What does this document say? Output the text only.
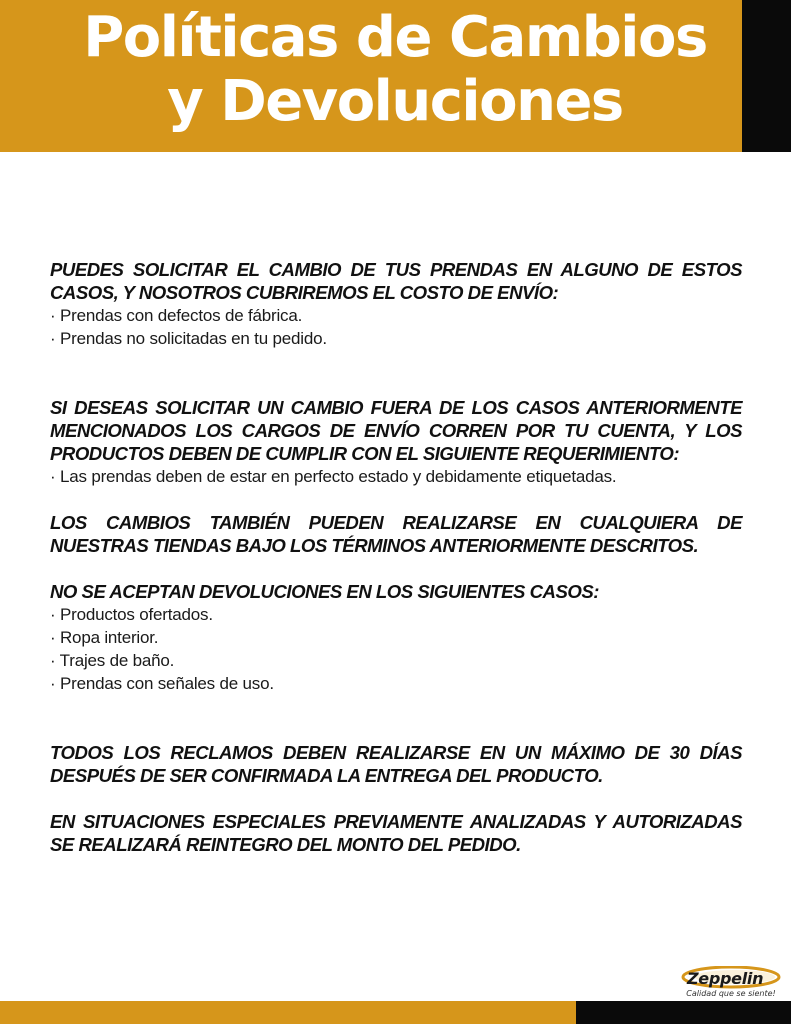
Políticas de Cambios
y Devoluciones

PUEDES SOLICITAR EL CAMBIO DE TUS PRENDAS EN ALGUNO DE ESTOS CASOS, Y NOSOTROS CUBRIREMOS EL COSTO DE ENVÍO:

· Prendas con defectos de fábrica.

· Prendas no solicitadas en tu pedido.

SI DESEAS SOLICITAR UN CAMBIO FUERA DE LOS CASOS ANTERIORMENTE MENCIONADOS LOS CARGOS DE ENVÍO CORREN POR TU CUENTA, Y LOS PRODUCTOS DEBEN DE CUMPLIR CON EL SIGUIENTE REQUERIMIENTO:

· Las prendas deben de estar en perfecto estado y debidamente etiquetadas.

LOS CAMBIOS TAMBIÉN PUEDEN REALIZARSE EN CUALQUIERA DE NUESTRAS TIENDAS BAJO LOS TÉRMINOS ANTERIORMENTE DESCRITOS.

NO SE ACEPTAN DEVOLUCIONES EN LOS SIGUIENTES CASOS:

· Productos ofertados.

· Ropa interior.

· Trajes de baño.

· Prendas con señales de uso.

TODOS LOS RECLAMOS DEBEN REALIZARSE EN UN MÁXIMO DE 30 DÍAS DESPUÉS DE SER CONFIRMADA LA ENTREGA DEL PRODUCTO.

EN SITUACIONES ESPECIALES PREVIAMENTE ANALIZADAS Y AUTORIZADAS SE REALIZARÁ REINTEGRO DEL MONTO DEL PEDIDO.

Zeppelin
Calidad que se siente!
